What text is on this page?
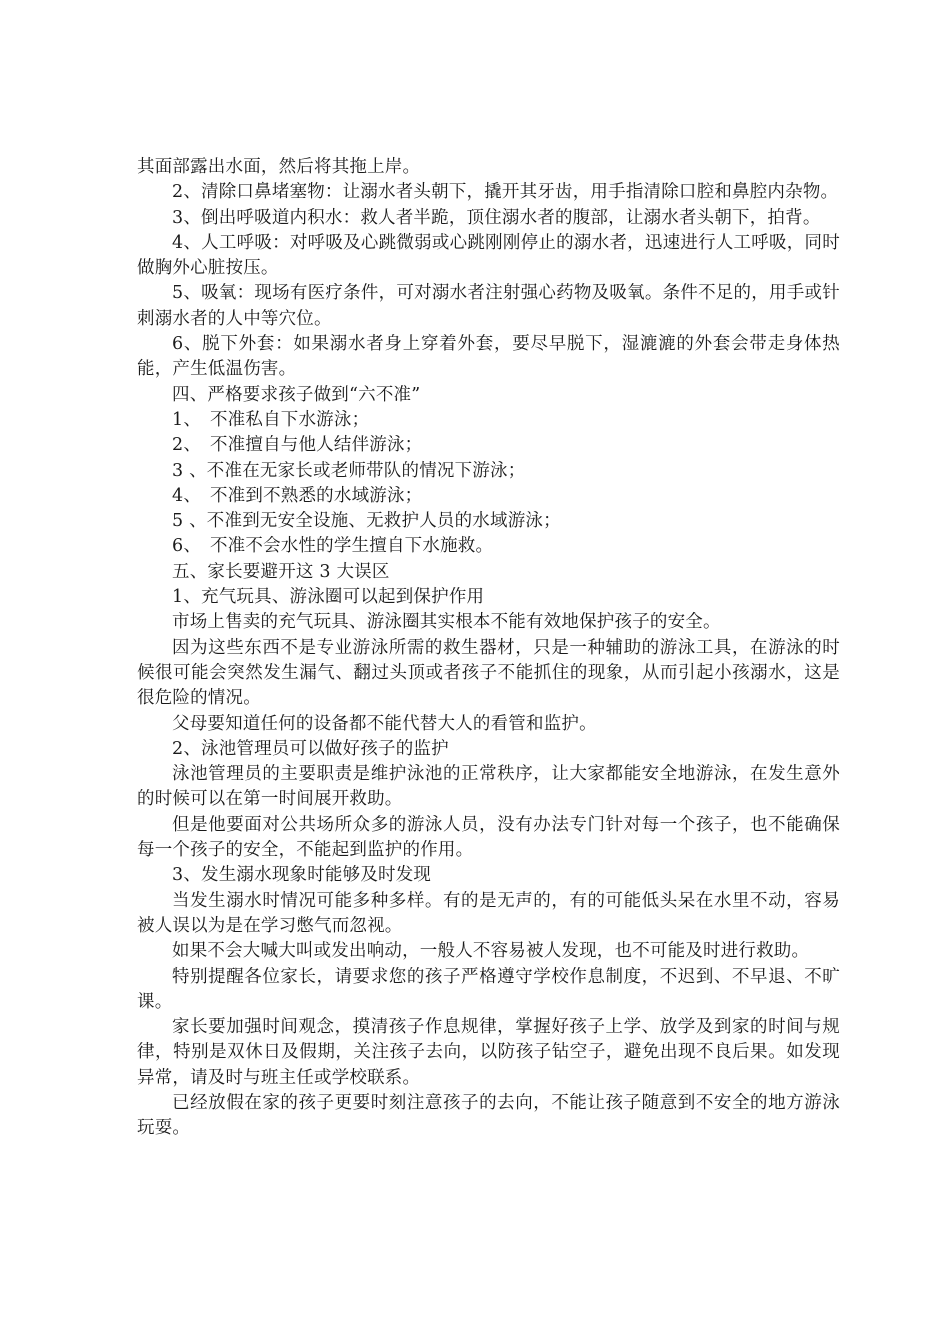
其面部露出水面，然后将其拖上岸。

2、清除口鼻堵塞物：让溺水者头朝下，撬开其牙齿，用手指清除口腔和鼻腔内杂物。

3、倒出呼吸道内积水：救人者半跪，顶住溺水者的腹部，让溺水者头朝下，拍背。

4、人工呼吸：对呼吸及心跳微弱或心跳刚刚停止的溺水者，迅速进行人工呼吸，同时做胸外心脏按压。

5、吸氧：现场有医疗条件，可对溺水者注射强心药物及吸氧。条件不足的，用手或针刺溺水者的人中等穴位。

6、脱下外套：如果溺水者身上穿着外套，要尽早脱下，湿漉漉的外套会带走身体热能，产生低温伤害。

四、严格要求孩子做到“六不准”

1、　不准私自下水游泳；

2、　不准擅自与他人结伴游泳；

3 、不准在无家长或老师带队的情况下游泳；

4、　不准到不熟悉的水域游泳；

5 、不准到无安全设施、无救护人员的水域游泳；

6、　不准不会水性的学生擅自下水施救。

五、家长要避开这 3 大误区

1、充气玩具、游泳圈可以起到保护作用

市场上售卖的充气玩具、游泳圈其实根本不能有效地保护孩子的安全。

因为这些东西不是专业游泳所需的救生器材，只是一种辅助的游泳工具，在游泳的时候很可能会突然发生漏气、翻过头顶或者孩子不能抓住的现象，从而引起小孩溺水，这是很危险的情况。

父母要知道任何的设备都不能代替大人的看管和监护。

2、泳池管理员可以做好孩子的监护

泳池管理员的主要职责是维护泳池的正常秩序，让大家都能安全地游泳，在发生意外的时候可以在第一时间展开救助。

但是他要面对公共场所众多的游泳人员，没有办法专门针对每一个孩子，也不能确保每一个孩子的安全，不能起到监护的作用。

3、发生溺水现象时能够及时发现

当发生溺水时情况可能多种多样。有的是无声的，有的可能低头呆在水里不动，容易被人误以为是在学习憋气而忽视。

如果不会大喊大叫或发出响动，一般人不容易被人发现，也不可能及时进行救助。

特别提醒各位家长，请要求您的孩子严格遵守学校作息制度，不迟到、不早退、不旷课。

家长要加强时间观念，摸清孩子作息规律，掌握好孩子上学、放学及到家的时间与规律，特别是双休日及假期，关注孩子去向，以防孩子钻空子，避免出现不良后果。如发现异常，请及时与班主任或学校联系。

已经放假在家的孩子更要时刻注意孩子的去向，不能让孩子随意到不安全的地方游泳玩耍。
